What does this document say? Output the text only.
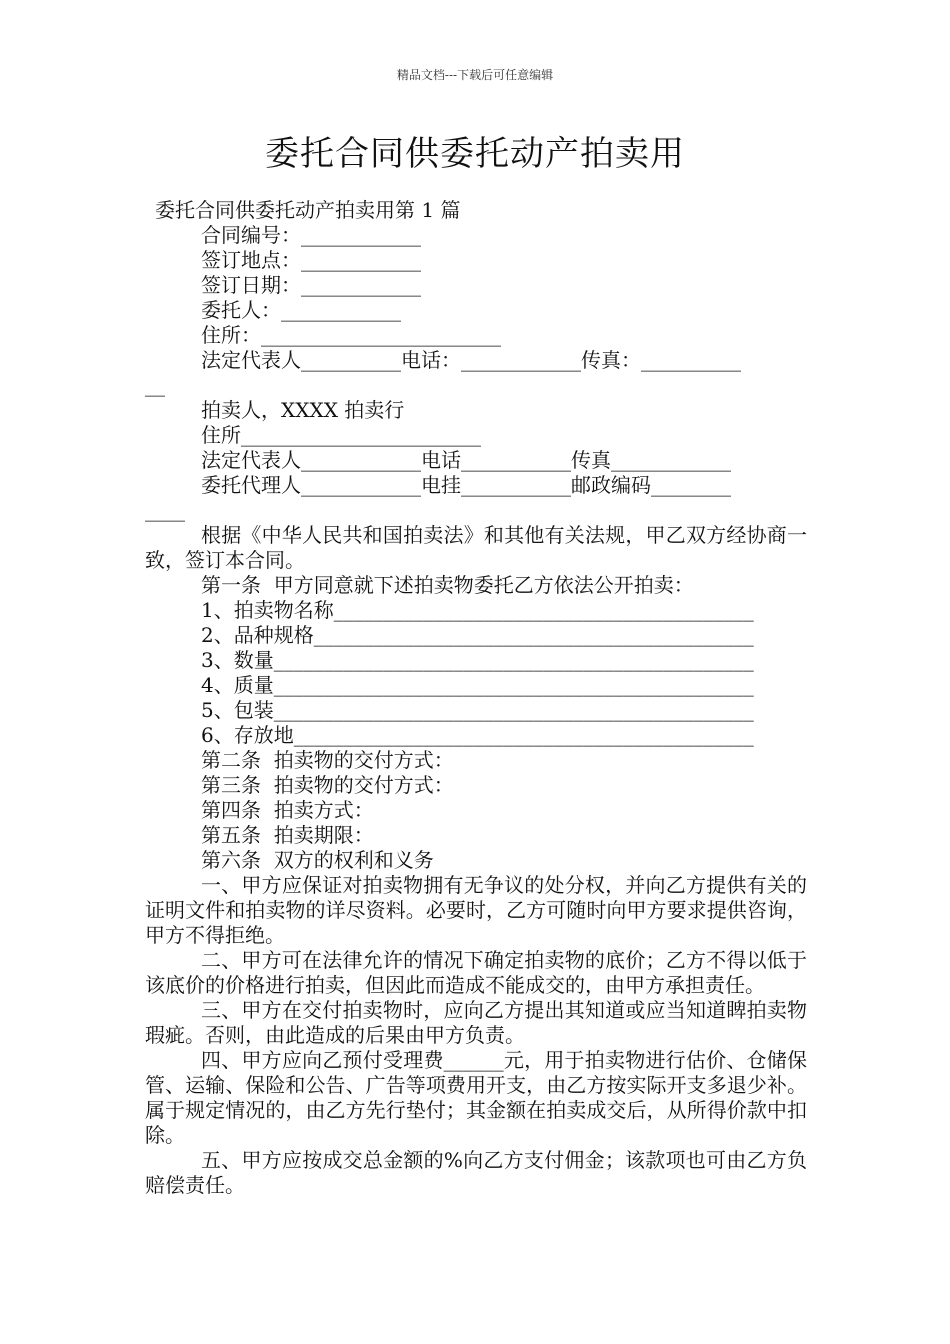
精品文档---下载后可任意编辑
委托合同供委托动产拍卖用
委托合同供委托动产拍卖用第 1 篇
合同编号：____________
签订地点：____________
签订日期：____________
委托人：____________
住所：________________________
法定代表人__________电话：____________传真：__________
__
拍卖人，XXXX 拍卖行
住所________________________
法定代表人____________电话___________传真____________
委托代理人____________电挂___________邮政编码________
____
根据《中华人民共和国拍卖法》和其他有关法规，甲乙双方经协商一致，签订本合同。
第一条  甲方同意就下述拍卖物委托乙方依法公开拍卖：
1、拍卖物名称__________________________________________
2、品种规格____________________________________________
3、数量________________________________________________
4、质量________________________________________________
5、包装________________________________________________
6、存放地______________________________________________
第二条  拍卖物的交付方式：
第三条  拍卖物的交付方式：
第四条  拍卖方式：
第五条  拍卖期限：
第六条  双方的权利和义务
一、甲方应保证对拍卖物拥有无争议的处分权，并向乙方提供有关的证明文件和拍卖物的详尽资料。必要时，乙方可随时向甲方要求提供咨询，甲方不得拒绝。
二、甲方可在法律允许的情况下确定拍卖物的底价；乙方不得以低于该底价的价格进行拍卖，但因此而造成不能成交的，由甲方承担责任。
三、甲方在交付拍卖物时，应向乙方提出其知道或应当知道睥拍卖物瑕疵。否则，由此造成的后果由甲方负责。
四、甲方应向乙预付受理费______元，用于拍卖物进行估价、仓储保管、运输、保险和公告、广告等项费用开支，由乙方按实际开支多退少补。属于规定情况的，由乙方先行垫付；其金额在拍卖成交后，从所得价款中扣除。
五、甲方应按成交总金额的%向乙方支付佣金；该款项也可由乙方负赔偿责任。
